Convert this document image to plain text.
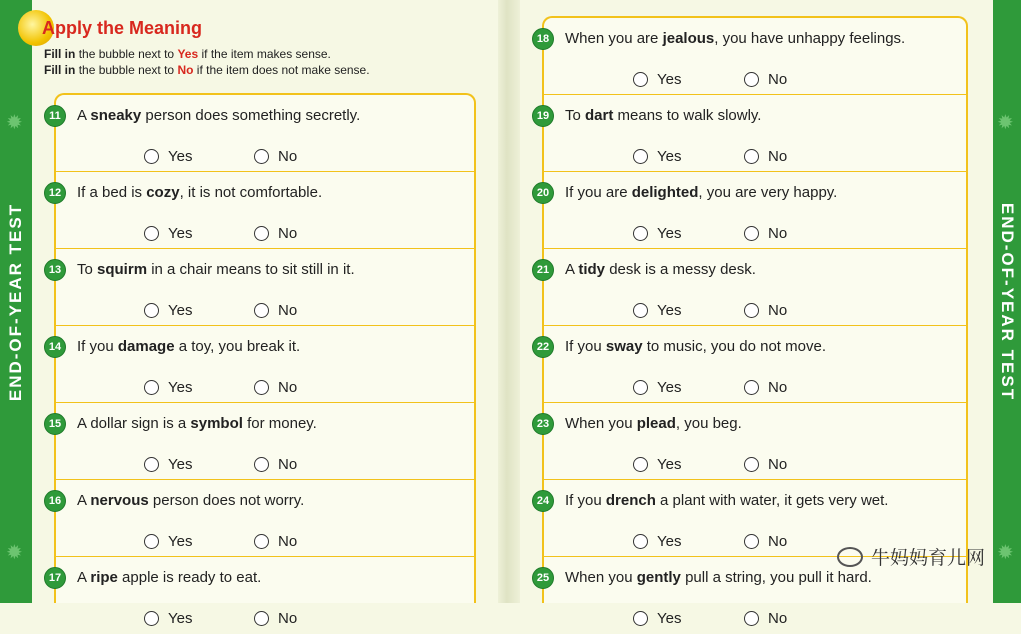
✹
END-OF-YEAR TEST
✹
✹
END-OF-YEAR TEST
✹
Apply the Meaning
Fill in the bubble next to Yes if the item makes sense.
Fill in the bubble next to No if the item does not make sense.
11	A sneaky person does something secretly.
Yes	No
12	If a bed is cozy, it is not comfortable.
Yes	No
13	To squirm in a chair means to sit still in it.
Yes	No
14	If you damage a toy, you break it.
Yes	No
15	A dollar sign is a symbol for money.
Yes	No
16	A nervous person does not worry.
Yes	No
17	A ripe apple is ready to eat.
Yes	No
18	When you are jealous, you have unhappy feelings.
Yes	No
19	To dart means to walk slowly.
Yes	No
20	If you are delighted, you are very happy.
Yes	No
21	A tidy desk is a messy desk.
Yes	No
22	If you sway to music, you do not move.
Yes	No
23	When you plead, you beg.
Yes	No
24	If you drench a plant with water, it gets very wet.
Yes	No
25	When you gently pull a string, you pull it hard.
Yes	No
牛妈妈育儿网
